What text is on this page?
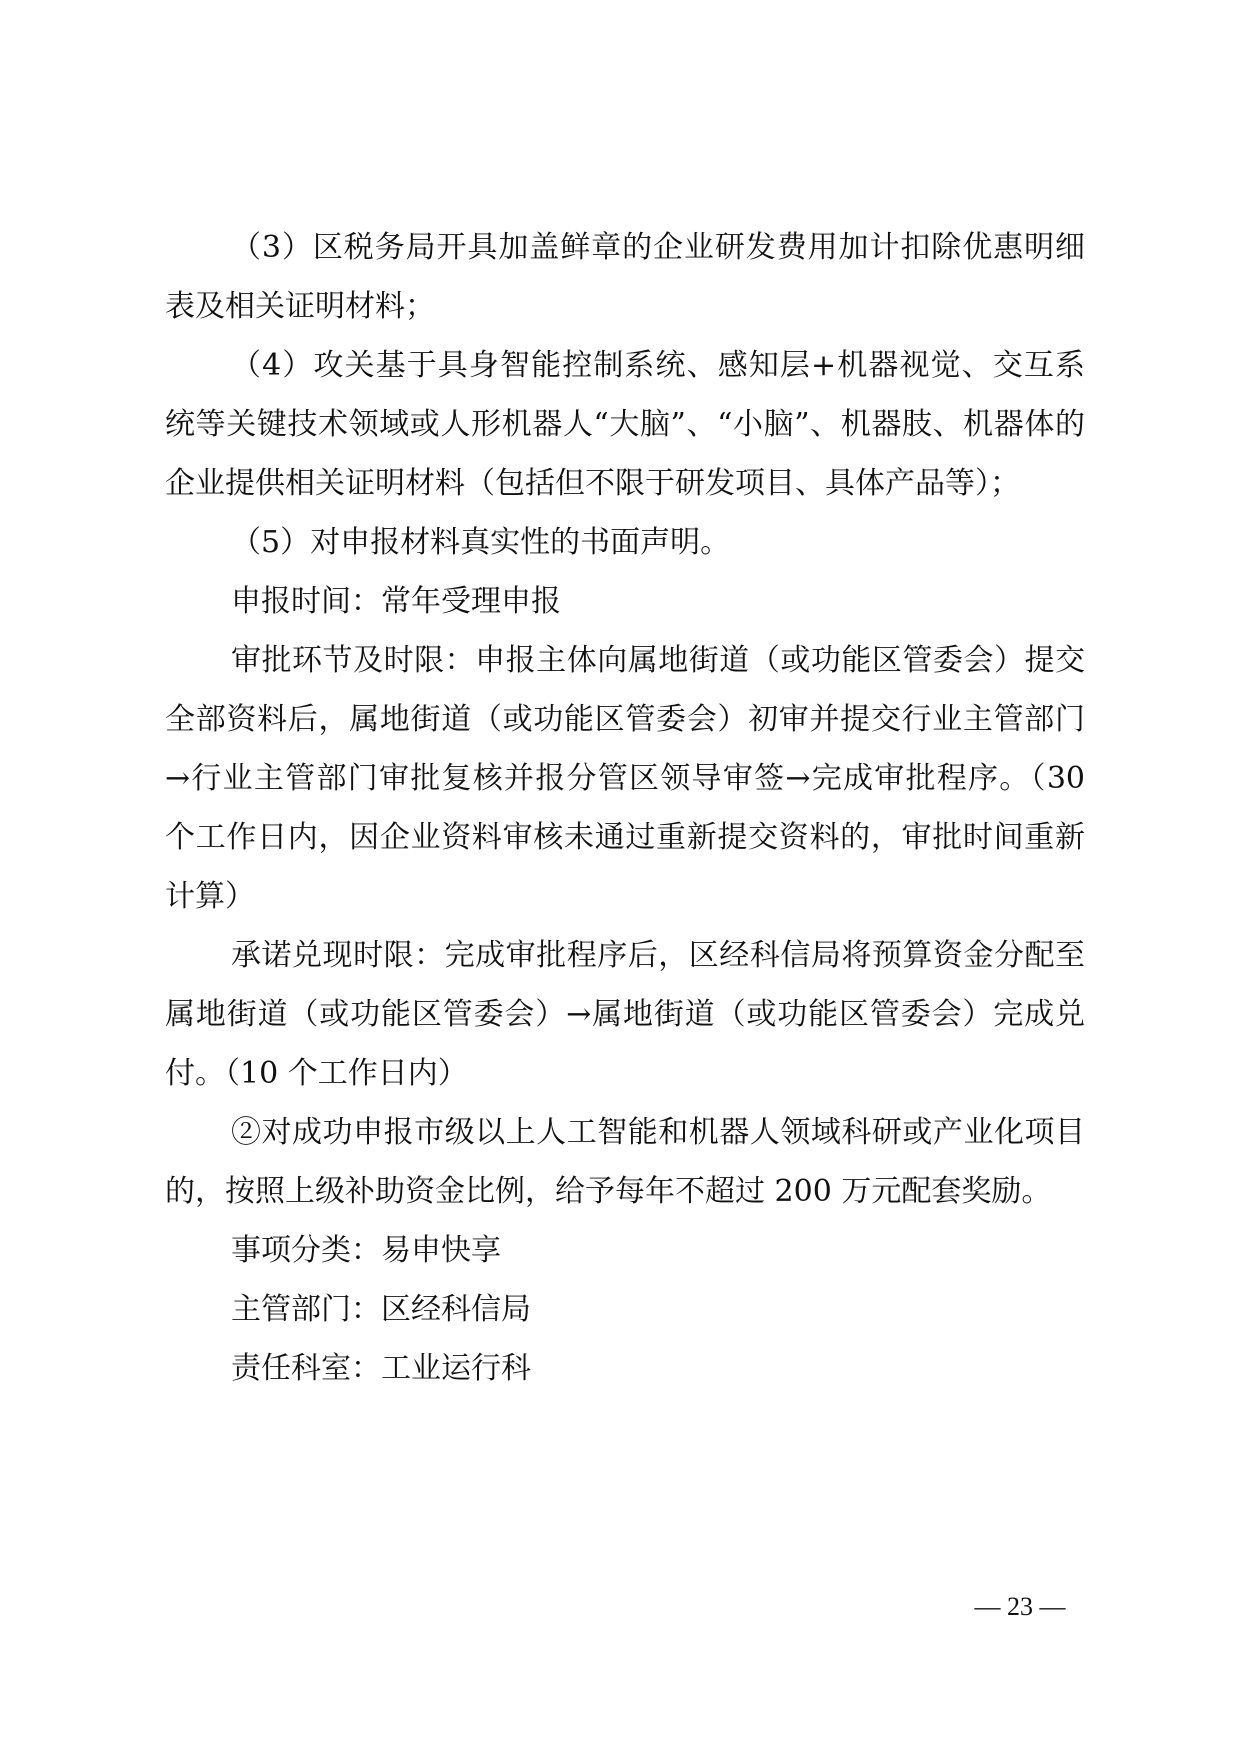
（3）区税务局开具加盖鲜章的企业研发费用加计扣除优惠明细表及相关证明材料；

（4）攻关基于具身智能控制系统、感知层+机器视觉、交互系统等关键技术领域或人形机器人“大脑”、“小脑”、机器肢、机器体的企业提供相关证明材料（包括但不限于研发项目、具体产品等）；

（5）对申报材料真实性的书面声明。

申报时间：常年受理申报

审批环节及时限：申报主体向属地街道（或功能区管委会）提交全部资料后，属地街道（或功能区管委会）初审并提交行业主管部门→行业主管部门审批复核并报分管区领导审签→完成审批程序。（30 个工作日内，因企业资料审核未通过重新提交资料的，审批时间重新计算）

承诺兑现时限：完成审批程序后，区经科信局将预算资金分配至属地街道（或功能区管委会）→属地街道（或功能区管委会）完成兑付。（10 个工作日内）

②对成功申报市级以上人工智能和机器人领域科研或产业化项目的，按照上级补助资金比例，给予每年不超过 200 万元配套奖励。

事项分类：易申快享

主管部门：区经科信局

责任科室：工业运行科

— 23 —
